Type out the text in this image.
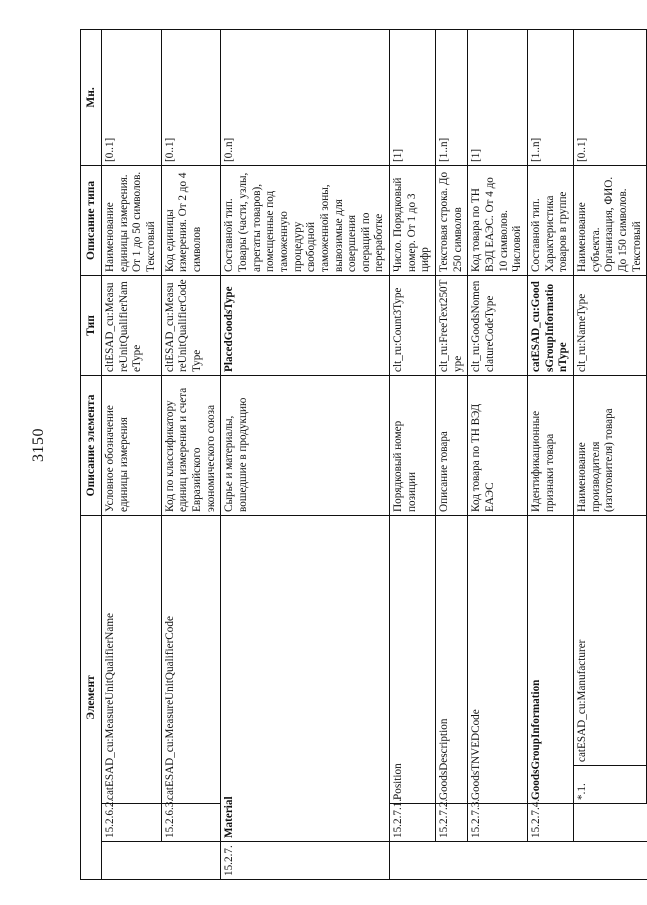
3150
Элемент				Описание элемента	Тип	Описание типа	Мн.
	15.2.6.2.	catESAD_cu:MeasureUnitQualifierName		Условное обозначение единицы измерения	cltESAD_cu:MeasureUnitQualifierNameType	Наименование единицы измерения. От 1 до 50 символов. Текстовый	[0..1]
	15.2.6.3.	catESAD_cu:MeasureUnitQualifierCode		Код по классификатору единиц измерения и счета Евразийского экономического союза	cltESAD_cu:MeasureUnitQualifierCodeType	Код единицы измерения. От 2 до 4 символов	[0..1]
15.2.7.	Material			Сырье и материалы, вошедшие в продукцию	PlacedGoodsType	Составной тип. Товары (части, узлы, агрегаты товаров), помещенные под таможенную процедуру свободной таможенной зоны, вывозимые для совершения операций по переработке	[0..n]
	15.2.7.1.	Position		Порядковый номер позиции	clt_ru:Count3Type	Число. Порядковый номер. От 1 до 3 цифр	[1]
	15.2.7.2.	GoodsDescription		Описание товара	clt_ru:FreeText250Type	Текстовая строка. До 250 символов	[1..n]
	15.2.7.3.	GoodsTNVEDCode		Код товара по ТН ВЭД ЕАЭС	clt_ru:GoodsNomenclatureCodeType	Код товара по ТН ВЭД ЕАЭС. От 4 до 10 символов. Числовой	[1]
	15.2.7.4.	GoodsGroupInformation		Идентификационные признаки товара	catESAD_cu:GoodsGroupInformationType	Составной тип. Характеристика товаров в группе	[1..n]
		*.1.	catESAD_cu:Manufacturer	Наименование производителя (изготовителя) товара	clt_ru:NameType	Наименование субъекта. Организация, ФИО. До 150 символов. Текстовый	[0..1]
